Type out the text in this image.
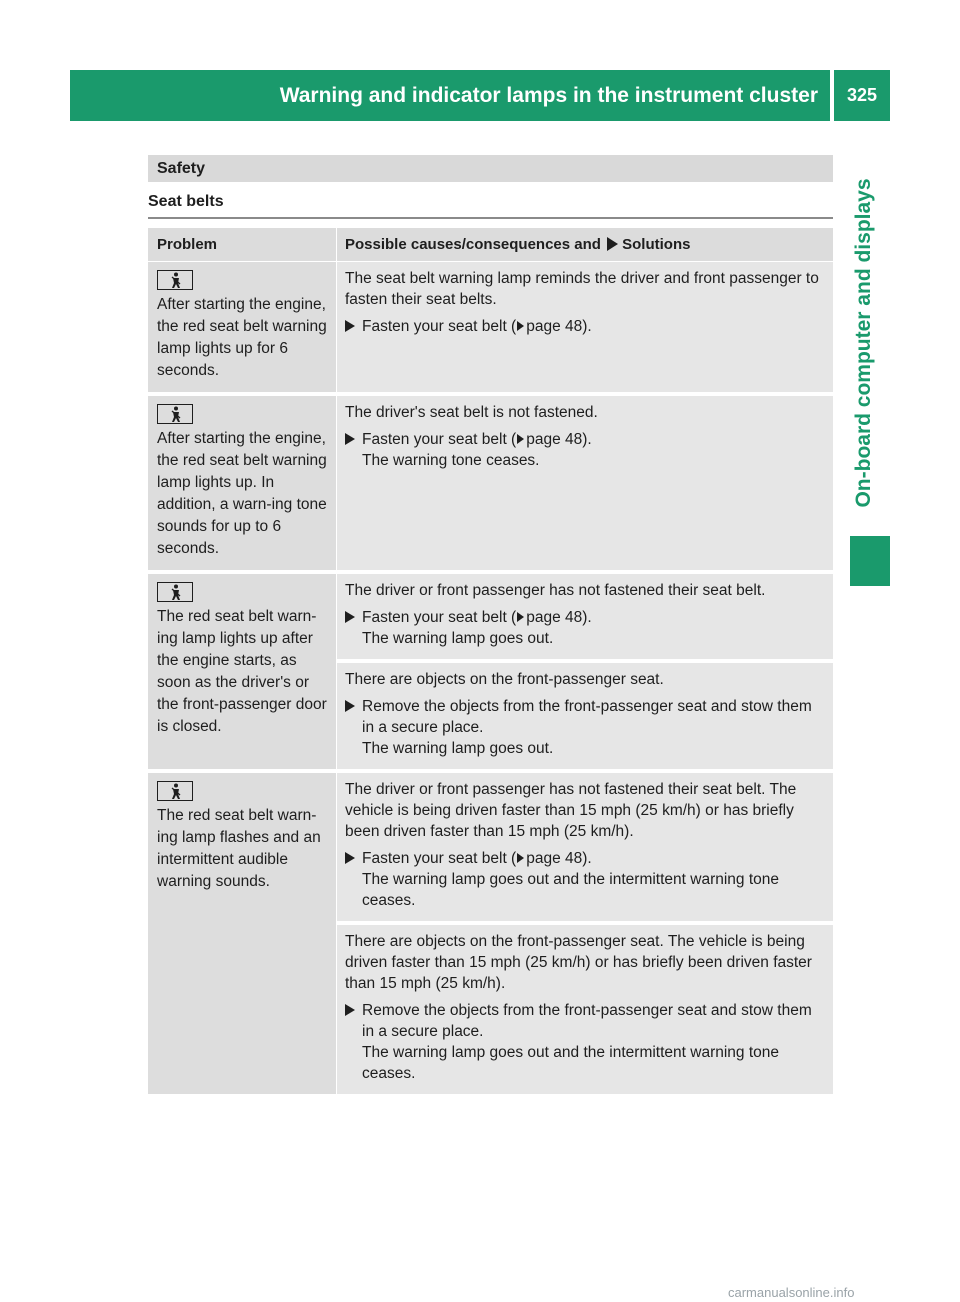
Warning and indicator lamps in the instrument cluster	325
On-board computer and displays
Safety
Seat belts
Problem	Possible causes/consequences and Solutions
After starting the engine, the red seat belt warning lamp lights up for 6 seconds.

The seat belt warning lamp reminds the driver and front passenger to fasten their seat belts.

Fasten your seat belt ( page 48).

After starting the engine, the red seat belt warning lamp lights up. In addition, a warn-ing tone sounds for up to 6 seconds.

The driver's seat belt is not fastened.

Fasten your seat belt ( page 48).

The warning tone ceases.

The red seat belt warn-ing lamp lights up after the engine starts, as soon as the driver's or the front-passenger door is closed.

The driver or front passenger has not fastened their seat belt.

Fasten your seat belt ( page 48).

The warning lamp goes out.

There are objects on the front-passenger seat.

Remove the objects from the front-passenger seat and stow them in a secure place.

The warning lamp goes out.

The red seat belt warn-ing lamp flashes and an intermittent audible warning sounds.

The driver or front passenger has not fastened their seat belt. The vehicle is being driven faster than 15 mph (25 km/h) or has briefly been driven faster than 15 mph (25 km/h).

Fasten your seat belt ( page 48).

The warning lamp goes out and the intermittent warning tone ceases.

There are objects on the front-passenger seat. The vehicle is being driven faster than 15 mph (25 km/h) or has briefly been driven faster than 15 mph (25 km/h).

Remove the objects from the front-passenger seat and stow them in a secure place.

The warning lamp goes out and the intermittent warning tone ceases.

carmanualsonline.info
